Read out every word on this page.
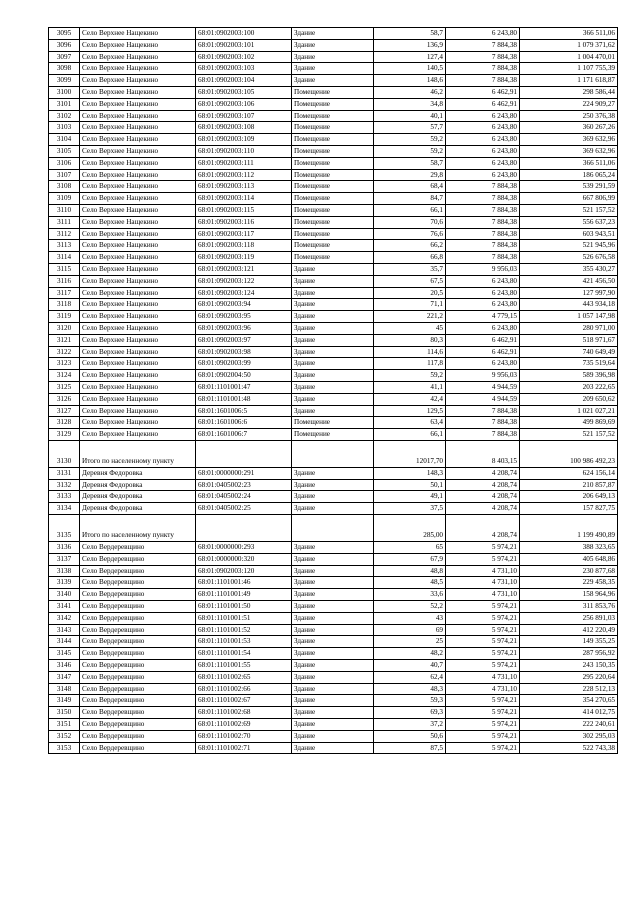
3095	Село Верхнее Нащекино	68:01:0902003:100	Здание	58,7	6 243,80	366 511,06
3096	Село Верхнее Нащекино	68:01:0902003:101	Здание	136,9	7 884,38	1 079 371,62
3097	Село Верхнее Нащекино	68:01:0902003:102	Здание	127,4	7 884,38	1 004 470,01
3098	Село Верхнее Нащекино	68:01:0902003:103	Здание	140,5	7 884,38	1 107 755,39
3099	Село Верхнее Нащекино	68:01:0902003:104	Здание	148,6	7 884,38	1 171 618,87
3100	Село Верхнее Нащекино	68:01:0902003:105	Помещение	46,2	6 462,91	298 586,44
3101	Село Верхнее Нащекино	68:01:0902003:106	Помещение	34,8	6 462,91	224 909,27
3102	Село Верхнее Нащекино	68:01:0902003:107	Помещение	40,1	6 243,80	250 376,38
3103	Село Верхнее Нащекино	68:01:0902003:108	Помещение	57,7	6 243,80	360 267,26
3104	Село Верхнее Нащекино	68:01:0902003:109	Помещение	59,2	6 243,80	369 632,96
3105	Село Верхнее Нащекино	68:01:0902003:110	Помещение	59,2	6 243,80	369 632,96
3106	Село Верхнее Нащекино	68:01:0902003:111	Помещение	58,7	6 243,80	366 511,06
3107	Село Верхнее Нащекино	68:01:0902003:112	Помещение	29,8	6 243,80	186 065,24
3108	Село Верхнее Нащекино	68:01:0902003:113	Помещение	68,4	7 884,38	539 291,59
3109	Село Верхнее Нащекино	68:01:0902003:114	Помещение	84,7	7 884,38	667 806,99
3110	Село Верхнее Нащекино	68:01:0902003:115	Помещение	66,1	7 884,38	521 157,52
3111	Село Верхнее Нащекино	68:01:0902003:116	Помещение	70,6	7 884,38	556 637,23
3112	Село Верхнее Нащекино	68:01:0902003:117	Помещение	76,6	7 884,38	603 943,51
3113	Село Верхнее Нащекино	68:01:0902003:118	Помещение	66,2	7 884,38	521 945,96
3114	Село Верхнее Нащекино	68:01:0902003:119	Помещение	66,8	7 884,38	526 676,58
3115	Село Верхнее Нащекино	68:01:0902003:121	Здание	35,7	9 956,03	355 430,27
3116	Село Верхнее Нащекино	68:01:0902003:122	Здание	67,5	6 243,80	421 456,50
3117	Село Верхнее Нащекино	68:01:0902003:124	Здание	20,5	6 243,80	127 997,90
3118	Село Верхнее Нащекино	68:01:0902003:94	Здание	71,1	6 243,80	443 934,18
3119	Село Верхнее Нащекино	68:01:0902003:95	Здание	221,2	4 779,15	1 057 147,98
3120	Село Верхнее Нащекино	68:01:0902003:96	Здание	45	6 243,80	280 971,00
3121	Село Верхнее Нащекино	68:01:0902003:97	Здание	80,3	6 462,91	518 971,67
3122	Село Верхнее Нащекино	68:01:0902003:98	Здание	114,6	6 462,91	740 649,49
3123	Село Верхнее Нащекино	68:01:0902003:99	Здание	117,8	6 243,80	735 519,64
3124	Село Верхнее Нащекино	68:01:0902004:50	Здание	59,2	9 956,03	589 396,98
3125	Село Верхнее Нащекино	68:01:1101001:47	Здание	41,1	4 944,59	203 222,65
3126	Село Верхнее Нащекино	68:01:1101001:48	Здание	42,4	4 944,59	209 650,62
3127	Село Верхнее Нащекино	68:01:1601006:5	Здание	129,5	7 884,38	1 021 027,21
3128	Село Верхнее Нащекино	68:01:1601006:6	Помещение	63,4	7 884,38	499 869,69
3129	Село Верхнее Нащекино	68:01:1601006:7	Помещение	66,1	7 884,38	521 157,52
3130	Итого по населенному пункту			12017,70	8 403,15	100 986 492,23
3131	Деревня Федоровка	68:01:0000000:291	Здание	148,3	4 208,74	624 156,14
3132	Деревня Федоровка	68:01:0405002:23	Здание	50,1	4 208,74	210 857,87
3133	Деревня Федоровка	68:01:0405002:24	Здание	49,1	4 208,74	206 649,13
3134	Деревня Федоровка	68:01:0405002:25	Здание	37,5	4 208,74	157 827,75
3135	Итого по населенному пункту			285,00	4 208,74	1 199 490,89
3136	Село Вердеревщино	68:01:0000000:293	Здание	65	5 974,21	388 323,65
3137	Село Вердеревщино	68:01:0000000:320	Здание	67,9	5 974,21	405 648,86
3138	Село Вердеревщино	68:01:0902003:120	Здание	48,8	4 731,10	230 877,68
3139	Село Вердеревщино	68:01:1101001:46	Здание	48,5	4 731,10	229 458,35
3140	Село Вердеревщино	68:01:1101001:49	Здание	33,6	4 731,10	158 964,96
3141	Село Вердеревщино	68:01:1101001:50	Здание	52,2	5 974,21	311 853,76
3142	Село Вердеревщино	68:01:1101001:51	Здание	43	5 974,21	256 891,03
3143	Село Вердеревщино	68:01:1101001:52	Здание	69	5 974,21	412 220,49
3144	Село Вердеревщино	68:01:1101001:53	Здание	25	5 974,21	149 355,25
3145	Село Вердеревщино	68:01:1101001:54	Здание	48,2	5 974,21	287 956,92
3146	Село Вердеревщино	68:01:1101001:55	Здание	40,7	5 974,21	243 150,35
3147	Село Вердеревщино	68:01:1101002:65	Здание	62,4	4 731,10	295 220,64
3148	Село Вердеревщино	68:01:1101002:66	Здание	48,3	4 731,10	228 512,13
3149	Село Вердеревщино	68:01:1101002:67	Здание	59,3	5 974,21	354 270,65
3150	Село Вердеревщино	68:01:1101002:68	Здание	69,3	5 974,21	414 012,75
3151	Село Вердеревщино	68:01:1101002:69	Здание	37,2	5 974,21	222 240,61
3152	Село Вердеревщино	68:01:1101002:70	Здание	50,6	5 974,21	302 295,03
3153	Село Вердеревщино	68:01:1101002:71	Здание	87,5	5 974,21	522 743,38
